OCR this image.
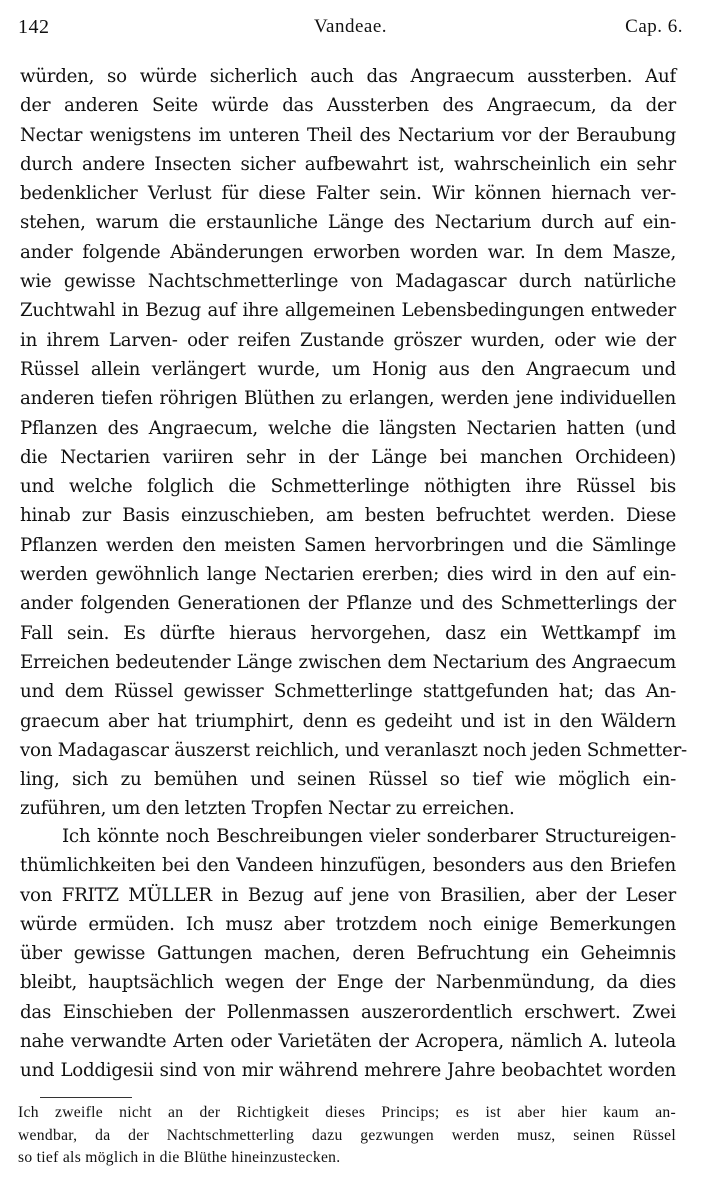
142	Vandeae.	Cap. 6.
würden, so würde sicherlich auch das Angraecum aussterben. Auf
der anderen Seite würde das Aussterben des Angraecum, da der
Nectar wenigstens im unteren Theil des Nectarium vor der Beraubung
durch andere Insecten sicher aufbewahrt ist, wahrscheinlich ein sehr
bedenklicher Verlust für diese Falter sein. Wir können hiernach ver-
stehen, warum die erstaunliche Länge des Nectarium durch auf ein-
ander folgende Abänderungen erworben worden war. In dem Masze,
wie gewisse Nachtschmetterlinge von Madagascar durch natürliche
Zuchtwahl in Bezug auf ihre allgemeinen Lebensbedingungen entweder
in ihrem Larven- oder reifen Zustande gröszer wurden, oder wie der
Rüssel allein verlängert wurde, um Honig aus den Angraecum und
anderen tiefen röhrigen Blüthen zu erlangen, werden jene individuellen
Pflanzen des Angraecum, welche die längsten Nectarien hatten (und
die Nectarien variiren sehr in der Länge bei manchen Orchideen)
und welche folglich die Schmetterlinge nöthigten ihre Rüssel bis
hinab zur Basis einzuschieben, am besten befruchtet werden. Diese
Pflanzen werden den meisten Samen hervorbringen und die Sämlinge
werden gewöhnlich lange Nectarien ererben; dies wird in den auf ein-
ander folgenden Generationen der Pflanze und des Schmetterlings der
Fall sein. Es dürfte hieraus hervorgehen, dasz ein Wettkampf im
Erreichen bedeutender Länge zwischen dem Nectarium des Angraecum
und dem Rüssel gewisser Schmetterlinge stattgefunden hat; das An-
graecum aber hat triumphirt, denn es gedeiht und ist in den Wäldern
von Madagascar äuszerst reichlich, und veranlaszt noch jeden Schmetter-
ling, sich zu bemühen und seinen Rüssel so tief wie möglich ein-
zuführen, um den letzten Tropfen Nectar zu erreichen.
Ich könnte noch Beschreibungen vieler sonderbarer Structureigen-
thümlichkeiten bei den Vandeen hinzufügen, besonders aus den Briefen
von FRITZ MÜLLER in Bezug auf jene von Brasilien, aber der Leser
würde ermüden. Ich musz aber trotzdem noch einige Bemerkungen
über gewisse Gattungen machen, deren Befruchtung ein Geheimnis
bleibt, hauptsächlich wegen der Enge der Narbenmündung, da dies
das Einschieben der Pollenmassen auszerordentlich erschwert. Zwei
nahe verwandte Arten oder Varietäten der Acropera, nämlich A. luteola
und Loddigesii sind von mir während mehrere Jahre beobachtet worden
Ich zweifle nicht an der Richtigkeit dieses Princips; es ist aber hier kaum an-
wendbar, da der Nachtschmetterling dazu gezwungen werden musz, seinen Rüssel
so tief als möglich in die Blüthe hineinzustecken.
